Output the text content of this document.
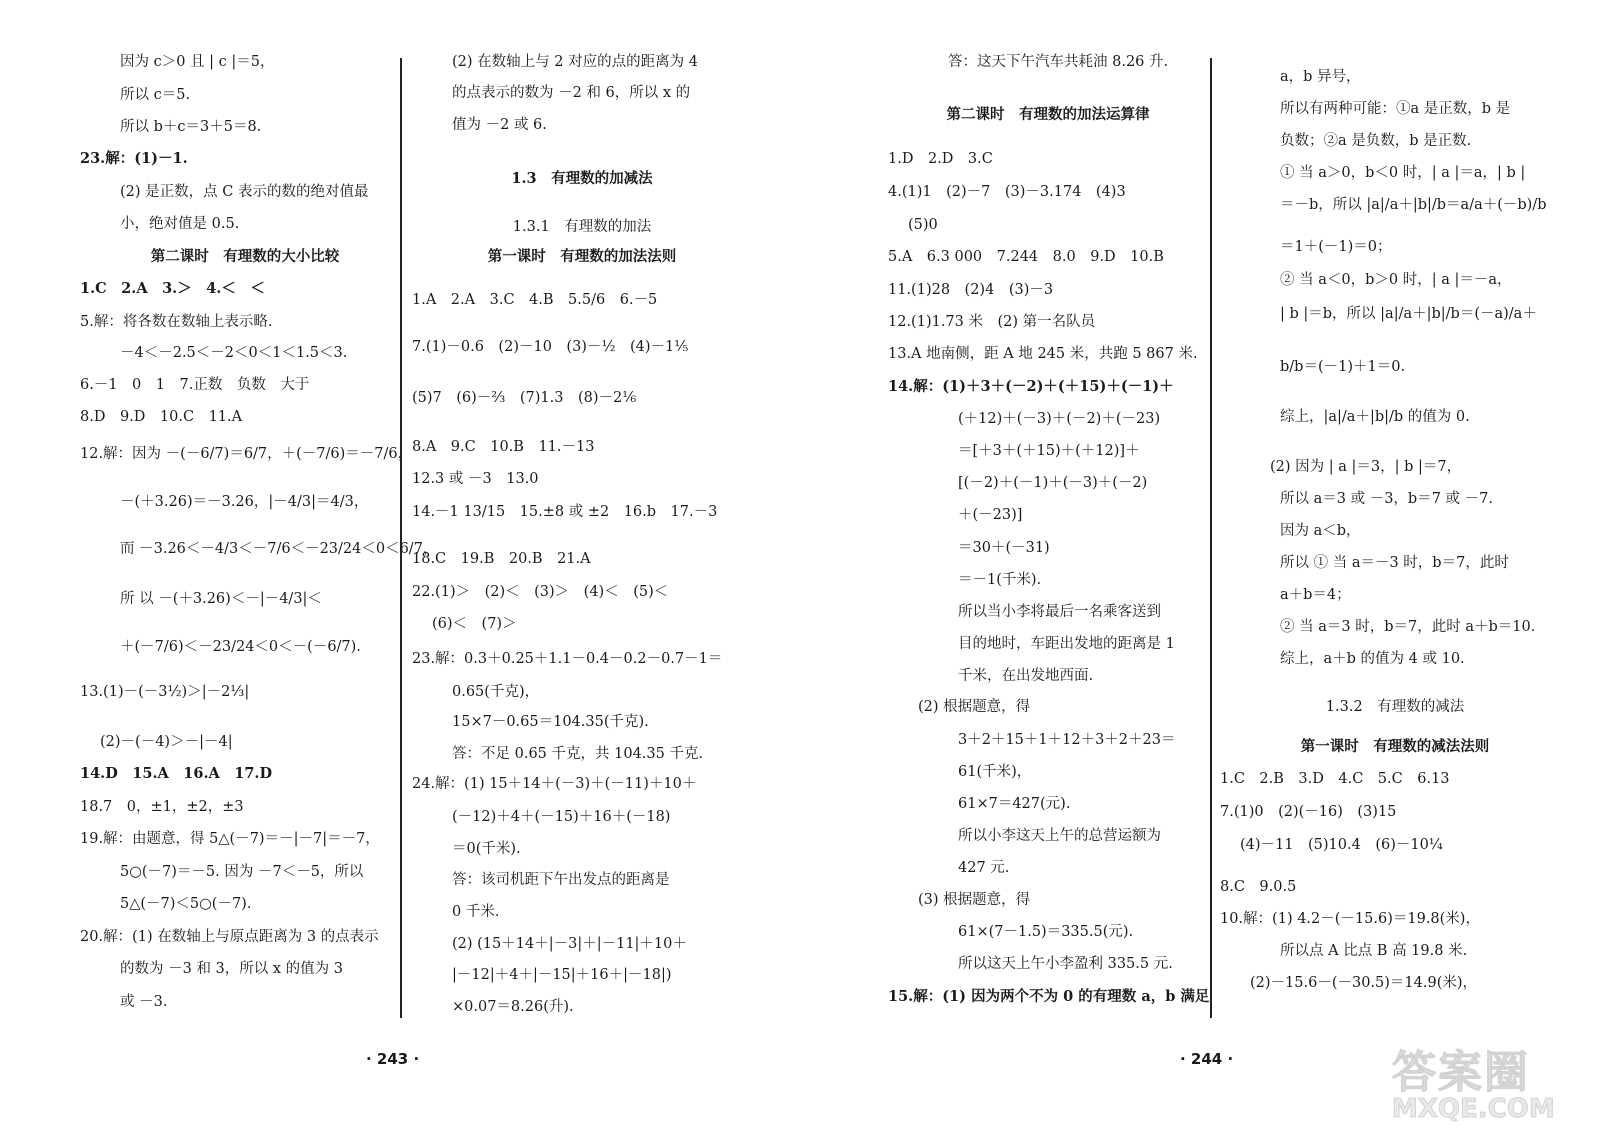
因为 c＞0 且 | c |＝5，
所以 c＝5.
所以 b＋c＝3＋5＝8.
23.解：(1)－1.
(2) 是正数，点 C 表示的数的绝对值最
小，绝对值是 0.5.
第二课时　有理数的大小比较
1.C　2.A　3.＞　4.＜　＜
5.解：将各数在数轴上表示略.
－4＜－2.5＜－2＜0＜1＜1.5＜3.
6.－1　0　1　7.正数　负数　大于
8.D　9.D　10.C　11.A
12.解：因为 －(－6/7)＝6/7，＋(－7/6)＝－7/6，
－(＋3.26)＝－3.26，|－4/3|＝4/3，
而 －3.26＜－4/3＜－7/6＜－23/24＜0＜6/7，
所 以 －(＋3.26)＜－|－4/3|＜
＋(－7/6)＜－23/24＜0＜－(－6/7).
13.(1)－(－3½)＞|－2⅓|
(2)－(－4)＞－|－4|
14.D　15.A　16.A　17.D
18.7　0，±1，±2，±3
19.解：由题意，得 5△(－7)＝－|－7|＝－7，
5○(－7)＝－5. 因为 －7＜－5，所以
5△(－7)＜5○(－7).
20.解：(1) 在数轴上与原点距离为 3 的点表示
的数为 －3 和 3，所以 x 的值为 3
或 －3.
(2) 在数轴上与 2 对应的点的距离为 4
的点表示的数为 －2 和 6，所以 x 的
值为 －2 或 6.
1.3　有理数的加减法
1.3.1　有理数的加法
第一课时　有理数的加法法则
1.A　2.A　3.C　4.B　5.5/6　6.－5
7.(1)－0.6　(2)－10　(3)－½　(4)－1⅕
(5)7　(6)－⅔　(7)1.3　(8)－2⅙
8.A　9.C　10.B　11.－13
12.3 或 －3　13.0
14.－1 13/15　15.±8 或 ±2　16.b　17.－3
18.C　19.B　20.B　21.A
22.(1)＞　(2)＜　(3)＞　(4)＜　(5)＜
(6)＜　(7)＞
23.解：0.3＋0.25＋1.1－0.4－0.2－0.7－1＝
0.65(千克)，
15×7－0.65＝104.35(千克).
答：不足 0.65 千克，共 104.35 千克.
24.解：(1) 15＋14＋(－3)＋(－11)＋10＋
(－12)＋4＋(－15)＋16＋(－18)
＝0(千米).
答：该司机距下午出发点的距离是
0 千米.
(2) (15＋14＋|－3|＋|－11|＋10＋
|－12|＋4＋|－15|＋16＋|－18|)
×0.07＝8.26(升).
· 243 ·
答：这天下午汽车共耗油 8.26 升.
第二课时　有理数的加法运算律
1.D　2.D　3.C
4.(1)1　(2)－7　(3)－3.174　(4)3
(5)0
5.A　6.3 000　7.244　8.0　9.D　10.B
11.(1)28　(2)4　(3)－3
12.(1)1.73 米　(2) 第一名队员
13.A 地南侧，距 A 地 245 米，共跑 5 867 米.
14.解：(1)＋3＋(－2)＋(＋15)＋(－1)＋
(＋12)＋(－3)＋(－2)＋(－23)
＝[＋3＋(＋15)＋(＋12)]＋
[(－2)＋(－1)＋(－3)＋(－2)
＋(－23)]
＝30＋(－31)
＝－1(千米).
所以当小李将最后一名乘客送到
目的地时，车距出发地的距离是 1
千米，在出发地西面.
(2) 根据题意，得
3＋2＋15＋1＋12＋3＋2＋23＝
61(千米)，
61×7＝427(元).
所以小李这天上午的总营运额为
427 元.
(3) 根据题意，得
61×(7－1.5)＝335.5(元).
所以这天上午小李盈利 335.5 元.
15.解：(1) 因为两个不为 0 的有理数 a，b 满足
a，b 异号，
所以有两种可能：①a 是正数，b 是
负数；②a 是负数，b 是正数.
① 当 a＞0，b＜0 时，| a |＝a，| b |
＝－b，所以 |a|/a＋|b|/b＝a/a＋(－b)/b
＝1＋(－1)＝0；
② 当 a＜0，b＞0 时，| a |＝－a，
| b |＝b，所以 |a|/a＋|b|/b＝(－a)/a＋
b/b＝(－1)＋1＝0.
综上，|a|/a＋|b|/b 的值为 0.
(2) 因为 | a |＝3，| b |＝7，
所以 a＝3 或 －3，b＝7 或 －7.
因为 a＜b，
所以 ① 当 a＝－3 时，b＝7，此时
a＋b＝4；
② 当 a＝3 时，b＝7，此时 a＋b＝10.
综上，a＋b 的值为 4 或 10.
1.3.2　有理数的减法
第一课时　有理数的减法法则
1.C　2.B　3.D　4.C　5.C　6.13
7.(1)0　(2)(－16)　(3)15
(4)－11　(5)10.4　(6)－10¼
8.C　9.0.5
10.解：(1) 4.2－(－15.6)＝19.8(米)，
所以点 A 比点 B 高 19.8 米.
(2)－15.6－(－30.5)＝14.9(米)，
· 244 ·	答案圈
MXQE.COM
